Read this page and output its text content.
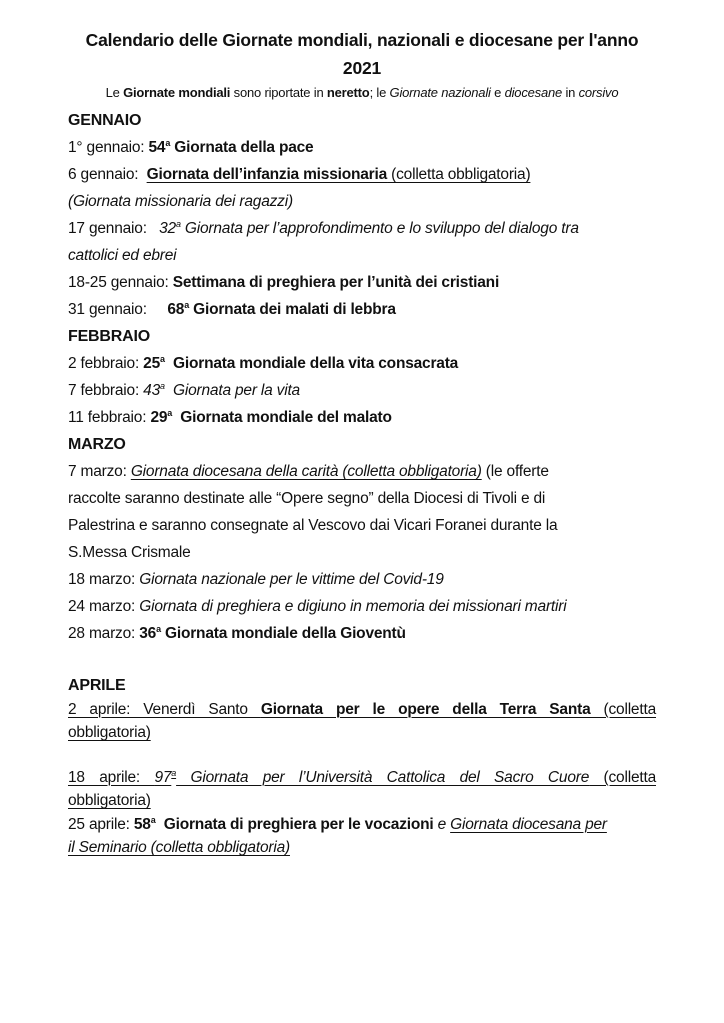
Calendario delle Giornate mondiali, nazionali e diocesane per l'anno
2021
Le Giornate mondiali sono riportate in neretto; le Giornate nazionali e diocesane in corsivo
GENNAIO
1° gennaio: 54$^a$ Giornata della pace
6 gennaio:  Giornata dell’infanzia missionaria (colletta obbligatoria)
(Giornata missionaria dei ragazzi)
17 gennaio:   32$^a$ Giornata per l’approfondimento e lo sviluppo del dialogo tra
cattolici ed ebrei
18-25 gennaio: Settimana di preghiera per l’unità dei cristiani
31 gennaio:     68$^a$ Giornata dei malati di lebbra
FEBBRAIO
2 febbraio: 25$^a$  Giornata mondiale della vita consacrata
7 febbraio: 43$^a$  Giornata per la vita
11 febbraio: 29$^a$  Giornata mondiale del malato
MARZO
7 marzo: Giornata diocesana della carità (colletta obbligatoria) (le offerte
raccolte saranno destinate alle “Opere segno” della Diocesi di Tivoli e di
Palestrina e saranno consegnate al Vescovo dai Vicari Foranei durante la
S.Messa Crismale
18 marzo: Giornata nazionale per le vittime del Covid-19
24 marzo: Giornata di preghiera e digiuno in memoria dei missionari martiri
28 marzo: 36$^a$ Giornata mondiale della Gioventù
APRILE
2 aprile: Venerdì Santo Giornata per le opere della Terra Santa (colletta
obbligatoria)
18 aprile: 97$^a$ Giornata per l’Università Cattolica del Sacro Cuore (colletta
obbligatoria)
25 aprile: 58$^a$  Giornata di preghiera per le vocazioni e Giornata diocesana per
il Seminario (colletta obbligatoria)
